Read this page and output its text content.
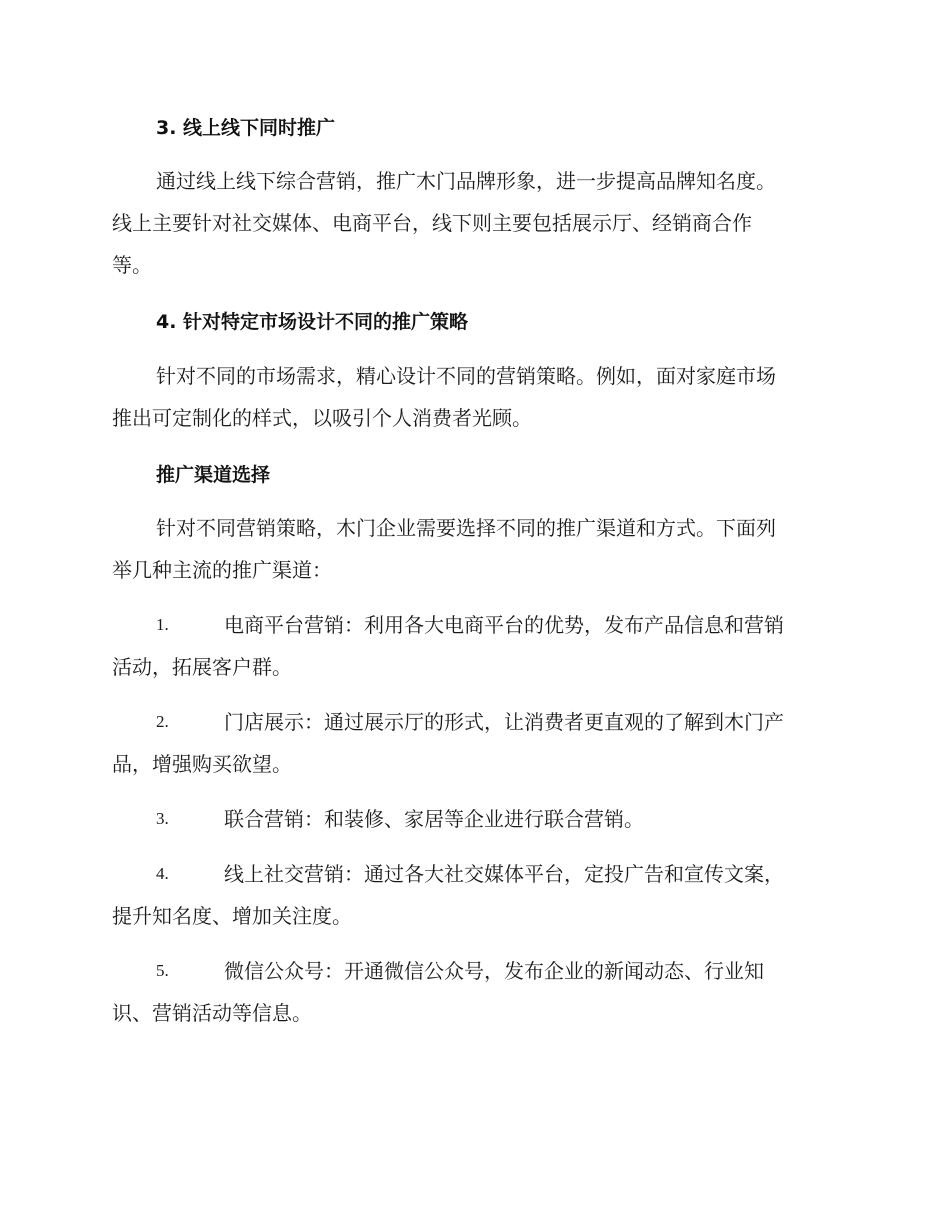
3. 线上线下同时推广
通过线上线下综合营销，推广木门品牌形象，进一步提高品牌知名度。
线上主要针对社交媒体、电商平台，线下则主要包括展示厅、经销商合作
等。
4. 针对特定市场设计不同的推广策略
针对不同的市场需求，精心设计不同的营销策略。例如，面对家庭市场
推出可定制化的样式，以吸引个人消费者光顾。
推广渠道选择
针对不同营销策略，木门企业需要选择不同的推广渠道和方式。下面列
举几种主流的推广渠道：
1.	电商平台营销：利用各大电商平台的优势，发布产品信息和营销
活动，拓展客户群。
2.	门店展示：通过展示厅的形式，让消费者更直观的了解到木门产
品，增强购买欲望。
3.	联合营销：和装修、家居等企业进行联合营销。
4.	线上社交营销：通过各大社交媒体平台，定投广告和宣传文案，
提升知名度、增加关注度。
5.	微信公众号：开通微信公众号，发布企业的新闻动态、行业知
识、营销活动等信息。
